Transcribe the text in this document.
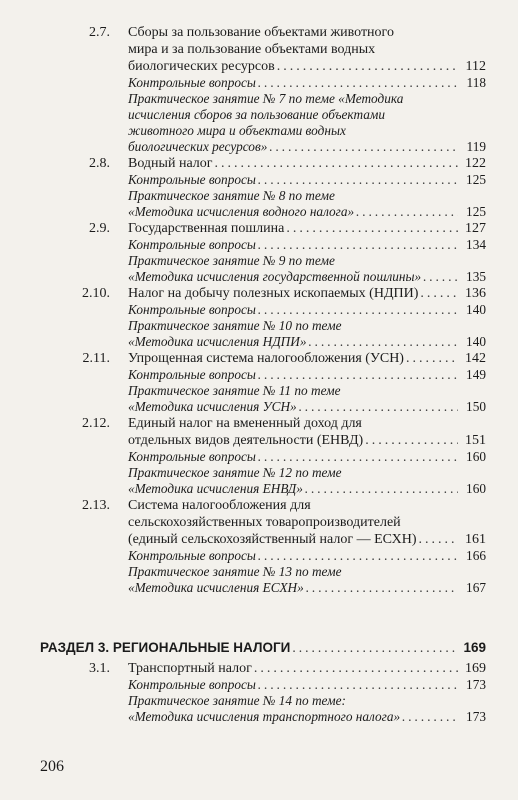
2.7. Сборы за пользование объектами животного
мира и за пользование объектами водных
биологических ресурсов .....	112
Контрольные вопросы .....	118
Практическое занятие № 7 по теме «Методика
исчисления сборов за пользование объектами
животного мира и объектами водных
биологических ресурсов» .....	119
2.8. Водный налог .....	122
Контрольные вопросы .....	125
Практическое занятие № 8 по теме
«Методика исчисления водного налога» .....	125
2.9. Государственная пошлина .....	127
Контрольные вопросы .....	134
Практическое занятие № 9 по теме
«Методика исчисления государственной пошлины» .....	135
2.10. Налог на добычу полезных ископаемых (НДПИ) .....	136
Контрольные вопросы .....	140
Практическое занятие № 10 по теме
«Методика исчисления НДПИ» .....	140
2.11. Упрощенная система налогообложения (УСН) .....	142
Контрольные вопросы .....	149
Практическое занятие № 11 по теме
«Методика исчисления УСН» .....	150
2.12. Единый налог на вмененный доход для
отдельных видов деятельности (ЕНВД) .....	151
Контрольные вопросы .....	160
Практическое занятие № 12 по теме
«Методика исчисления ЕНВД» .....	160
2.13. Система налогообложения для
сельскохозяйственных товаропроизводителей
(единый сельскохозяйственный налог — ЕСХН) .....	161
Контрольные вопросы .....	166
Практическое занятие № 13 по теме
«Методика исчисления ЕСХН» .....	167
РАЗДЕЛ 3. РЕГИОНАЛЬНЫЕ НАЛОГИ .....	169
3.1. Транспортный налог .....	169
Контрольные вопросы .....	173
Практическое занятие № 14 по теме:
«Методика исчисления транспортного налога» .....	173
206
